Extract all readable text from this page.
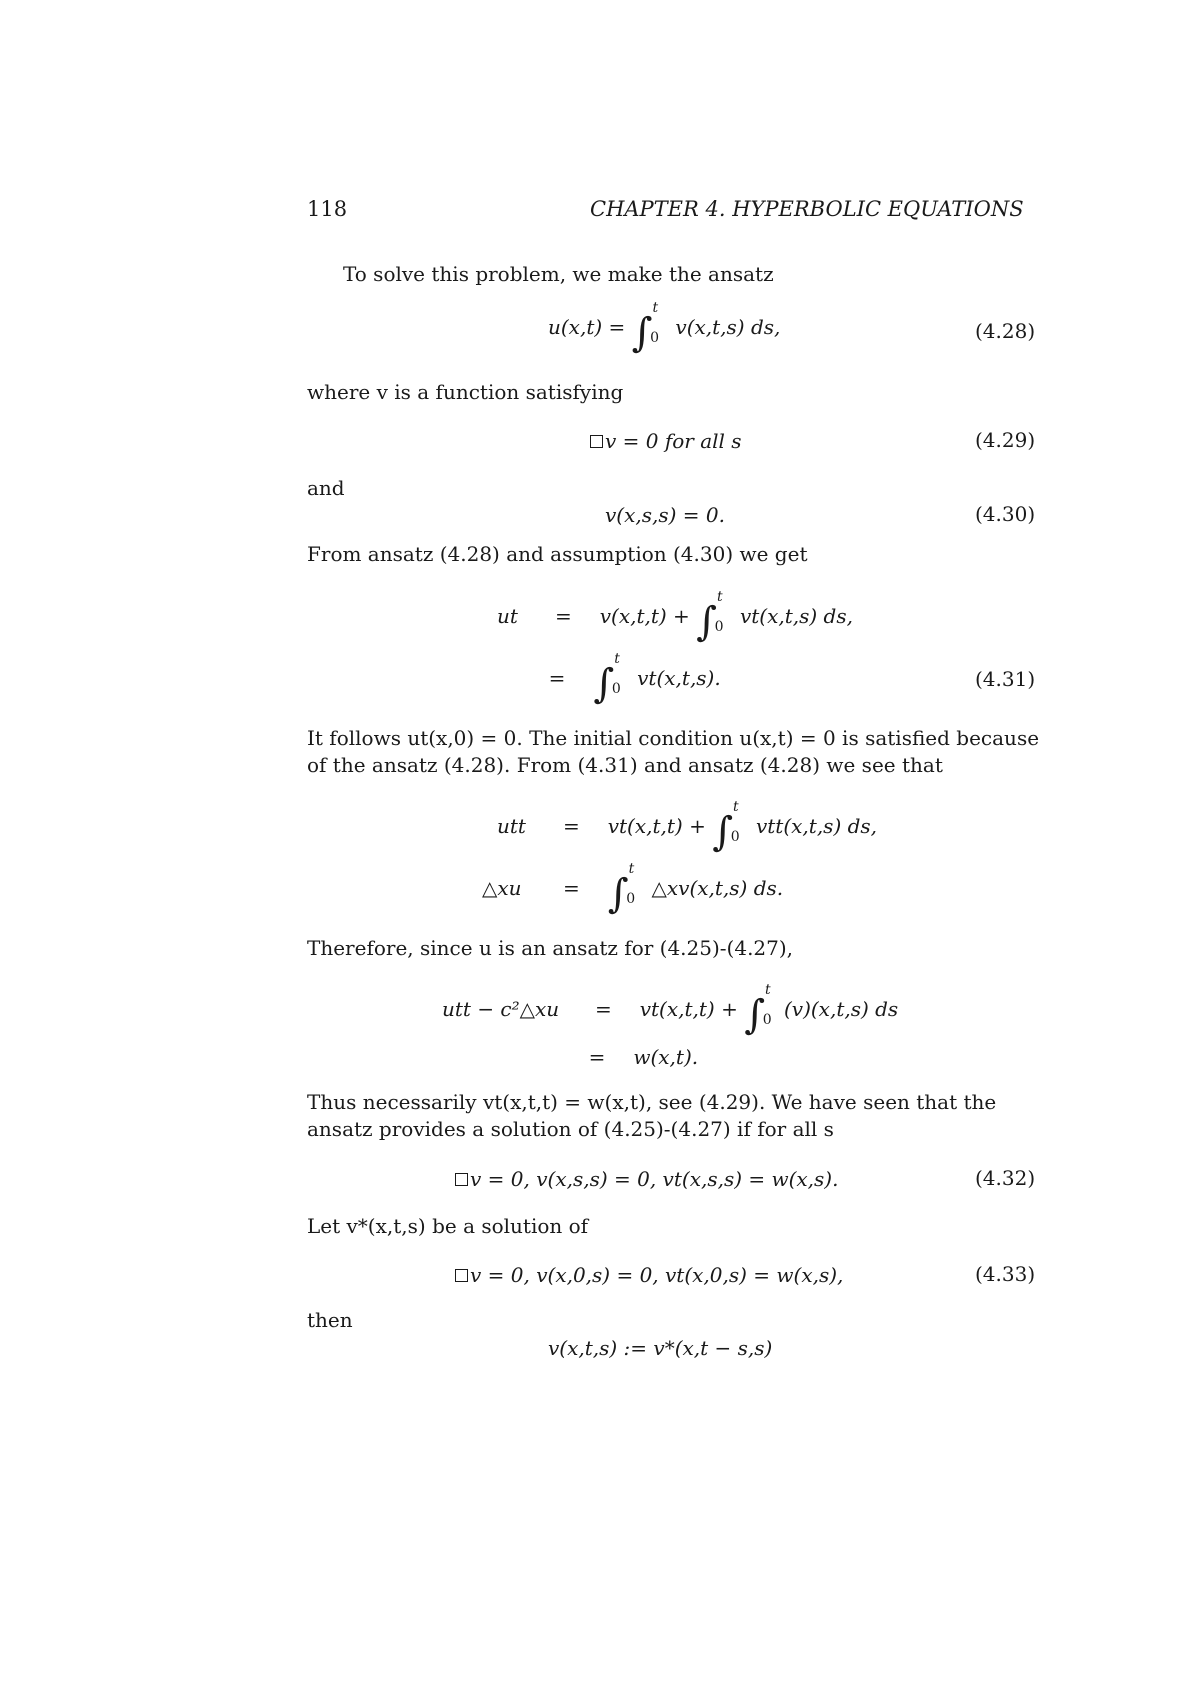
118	CHAPTER 4. HYPERBOLIC EQUATIONS
To solve this problem, we make the ansatz
u(x,t) = ∫$^t_0$ v(x,t,s) ds,	(4.28)
where v is a function satisfying
v = 0 for all s	(4.29)
and
v(x,s,s) = 0.	(4.30)
From ansatz (4.28) and assumption (4.30) we get
ut = v(x,t,t) + ∫$^t_0$ vt(x,t,s) ds,
= ∫$^t_0$ vt(x,t,s).	(4.31)
It follows ut(x,0) = 0. The initial condition u(x,t) = 0 is satisfied because
of the ansatz (4.28). From (4.31) and ansatz (4.28) we see that
utt = vt(x,t,t) + ∫$^t_0$ vtt(x,t,s) ds,
△xu = ∫$^t_0$ △xv(x,t,s) ds.
Therefore, since u is an ansatz for (4.25)-(4.27),
utt − c²△xu = vt(x,t,t) + ∫$^t_0$ (v)(x,t,s) ds
= w(x,t).
Thus necessarily vt(x,t,t) = w(x,t), see (4.29). We have seen that the
ansatz provides a solution of (4.25)-(4.27) if for all s
v = 0, v(x,s,s) = 0, vt(x,s,s) = w(x,s).	(4.32)
Let v*(x,t,s) be a solution of
v = 0, v(x,0,s) = 0, vt(x,0,s) = w(x,s),	(4.33)
then
v(x,t,s) := v*(x,t − s,s)
